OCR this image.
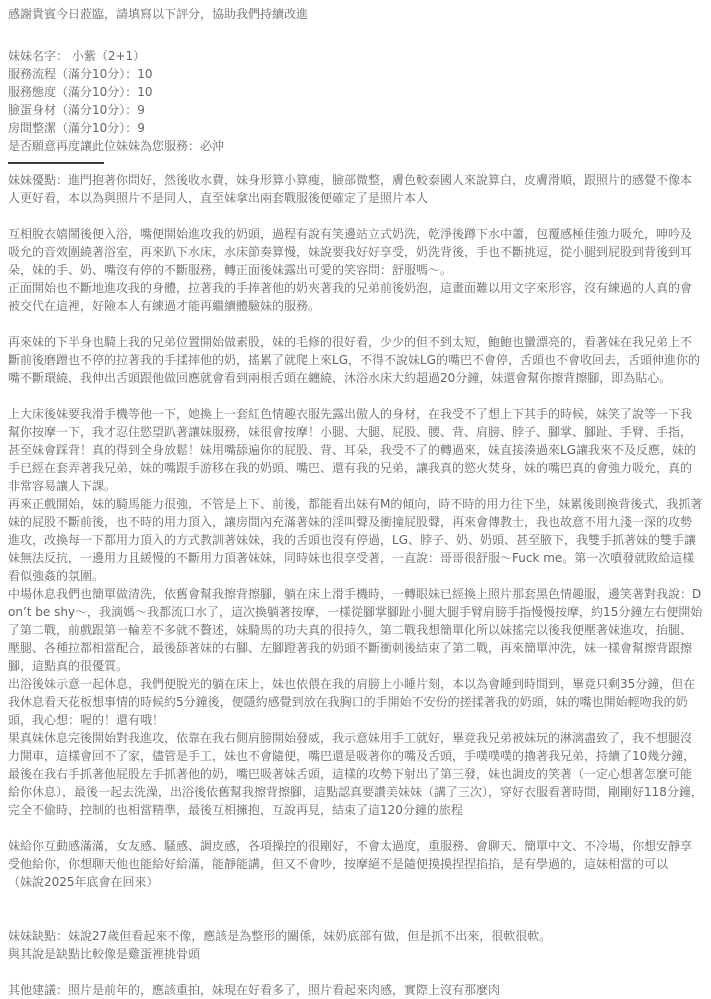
感謝貴賓今日蒞臨，請填寫以下評分，協助我們持續改進
妹妹名字： 小紫（2+1）
服務流程（滿分10分）：10
服務態度（滿分10分）：10
臉蛋身材（滿分10分）：9
房間整潔（滿分10分）：9
是否願意再度讓此位妹妹為您服務：必沖
妹妹優點：進門抱著你問好，然後收水費，妹身形算小算瘦，臉部微整，膚色較泰國人來說算白，皮膚滑順，跟照片的感覺不像本人更好看，本以為與照片不是同人，直至妹拿出兩套戰服後便確定了是照片本人
互相脫衣嬉鬧後便入浴，嘴便開始進攻我的奶頭，過程有說有笑邊站立式奶洗，乾淨後蹲下水中蕭，包覆感極佳強力吸允，呻吟及吸允的音效圍繞著浴室，再來趴下水床，水床節奏算慢，妹說要我好好享受，奶洗背後，手也不斷挑逗，從小腿到屁股到背後到耳朵，妹的手、奶、嘴沒有停的不斷服務，轉正面後妹露出可愛的笑容問：舒服嗎～。
正面開始也不斷地進攻我的身體，拉著我的手捧著他的奶夾著我的兄弟前後奶泡，這畫面難以用文字來形容，沒有練過的人真的會被交代在這裡，好險本人有練過才能再繼續體驗妹的服務。
再來妹的下半身也騎上我的兄弟位置開始做素股，妹的毛修的很好看，少少的但不到太短，鮑鮑也蠻漂亮的，看著妹在我兄弟上不斷前後磨蹭也不停的拉著我的手揉摔他的奶，搖累了就爬上來LG，不得不說妹LG的嘴巴不會停，舌頭也不會收回去，舌頭伸進你的嘴不斷環繞，我伸出舌頭跟他做回應就會看到兩根舌頭在纏繞，沐浴水床大約超過20分鐘，妹還會幫你擦背擦腳，即為貼心。
上大床後妹要我滑手機等他一下，她換上一套紅色情趣衣服先露出傲人的身材，在我受不了想上下其手的時候，妹笑了說等一下我幫你按摩一下，我才忍住慾望趴著讓妹服務，妹很會按摩！小腿、大腿、屁股、腰、背、肩膀、脖子、腳掌、腳趾、手臂、手指，甚至妹會踩背！真的得到全身放鬆！妹用嘴舔遍你的屁股、背、耳朵，我受不了的轉過來，妹直接湊過來LG讓我來不及反應，妹的手已經在套弄著我兄弟，妹的嘴跟手游移在我的奶頭、嘴巴、還有我的兄弟，讓我真的慾火焚身，妹的嘴巴真的會強力吸允，真的非常容易讓人下課。
再來正戲開始，妹的騎馬能力很強，不管是上下、前後，都能看出妹有M的傾向，時不時的用力往下坐，妹累後則換背後式，我抓著妹的屁股不斷前後，也不時的用力頂入，讓房間內充滿著妹的淫叫聲及衝撞屁股聲，再來會傳教士，我也故意不用九淺一深的攻勢進攻，改換每一下都用力頂入的方式教訓著妹妹，我的舌頭也沒有停過，LG、脖子、奶、奶頭、甚至腋下，我雙手抓著妹的雙手讓妹無法反抗，一邊用力且緩慢的不斷用力頂著妹妹，同時妹也很享受著，一直說：哥哥很舒服～Fuck me。第一次噴發就敗給這樣看似強姦的氛圍。
中場休息我們也簡單做清洗，依舊會幫我擦背擦腳，躺在床上滑手機時，一轉眼妹已經換上照片那套黑色情趣服，邊笑著對我說：Don’t be shy～，我滴媽～我都流口水了，這次換躺著按摩，一樣從腳掌腳趾小腿大腿手臂肩膀手指慢慢按摩，約15分鐘左右便開始了第二戰，前戲跟第一輪差不多就不贅述，妹騎馬的功夫真的很持久，第二戰我想簡單化所以妹搖完以後我便壓著妹進攻，抬腿、壓腿、各種拉都相當配合，最後舔著妹的右腳、左腳蹬著我的奶頭不斷衝刺後結束了第二戰，再來簡單沖洗，妹一樣會幫擦背跟擦腳，這點真的很優質。
出浴後妹示意一起休息，我們便脫光的躺在床上，妹也依偎在我的肩膀上小睡片刻，本以為會睡到時間到，畢竟只剩35分鐘，但在我休息看天花板想事情的時候約5分鐘後，便隱約感覺到放在我胸口的手開始不安份的搓揉著我的奶頭，妹的嘴也開始輕吻我的奶頭，我心想：喔的！還有哦！
果真妹休息完後開始對我進攻，依靠在我右側肩膀開始發威，我示意妹用手工就好，畢竟我兄弟被妹玩的淋漓盡致了，我不想腿沒力開車，這樣會回不了家，儘管是手工，妹也不會隨便，嘴巴還是吸著你的嘴及舌頭，手噗噗噗的擼著我兄弟，持續了10幾分鐘，最後在我右手抓著他屁股左手抓著他的奶，嘴巴吸著妹舌頭，這樣的攻勢下射出了第三發，妹也調皮的笑著（一定心想著怎麼可能給你休息），最後一起去洗澡，出浴後依舊幫我擦背擦腳，這點認真要讚美妹妹（講了三次），穿好衣服看著時間，剛剛好118分鐘，完全不偷時，控制的也相當精準，最後互相擁抱，互說再見，結束了這120分鐘的旅程
妹給你互動感滿滿，女友感、騷感、調皮感，各項操控的很剛好，不會太過度，重服務、會聊天、簡單中文、不冷場，你想安靜享受他給你，你想聊天他也能給好給滿，能靜能講，但又不會吵，按摩絕不是隨便摸摸捏捏掐掐，是有學過的，這妹相當的可以
（妹說2025年底會在回來）
妹妹缺點：妹說27歲但看起來不像，應該是為整形的關係，妹奶底部有做，但是抓不出來，很軟很軟。
與其說是缺點比較像是雞蛋裡挑骨頭
其他建議：照片是前年的，應該重拍，妹現在好看多了，照片看起來肉感，實際上沒有那麼肉
